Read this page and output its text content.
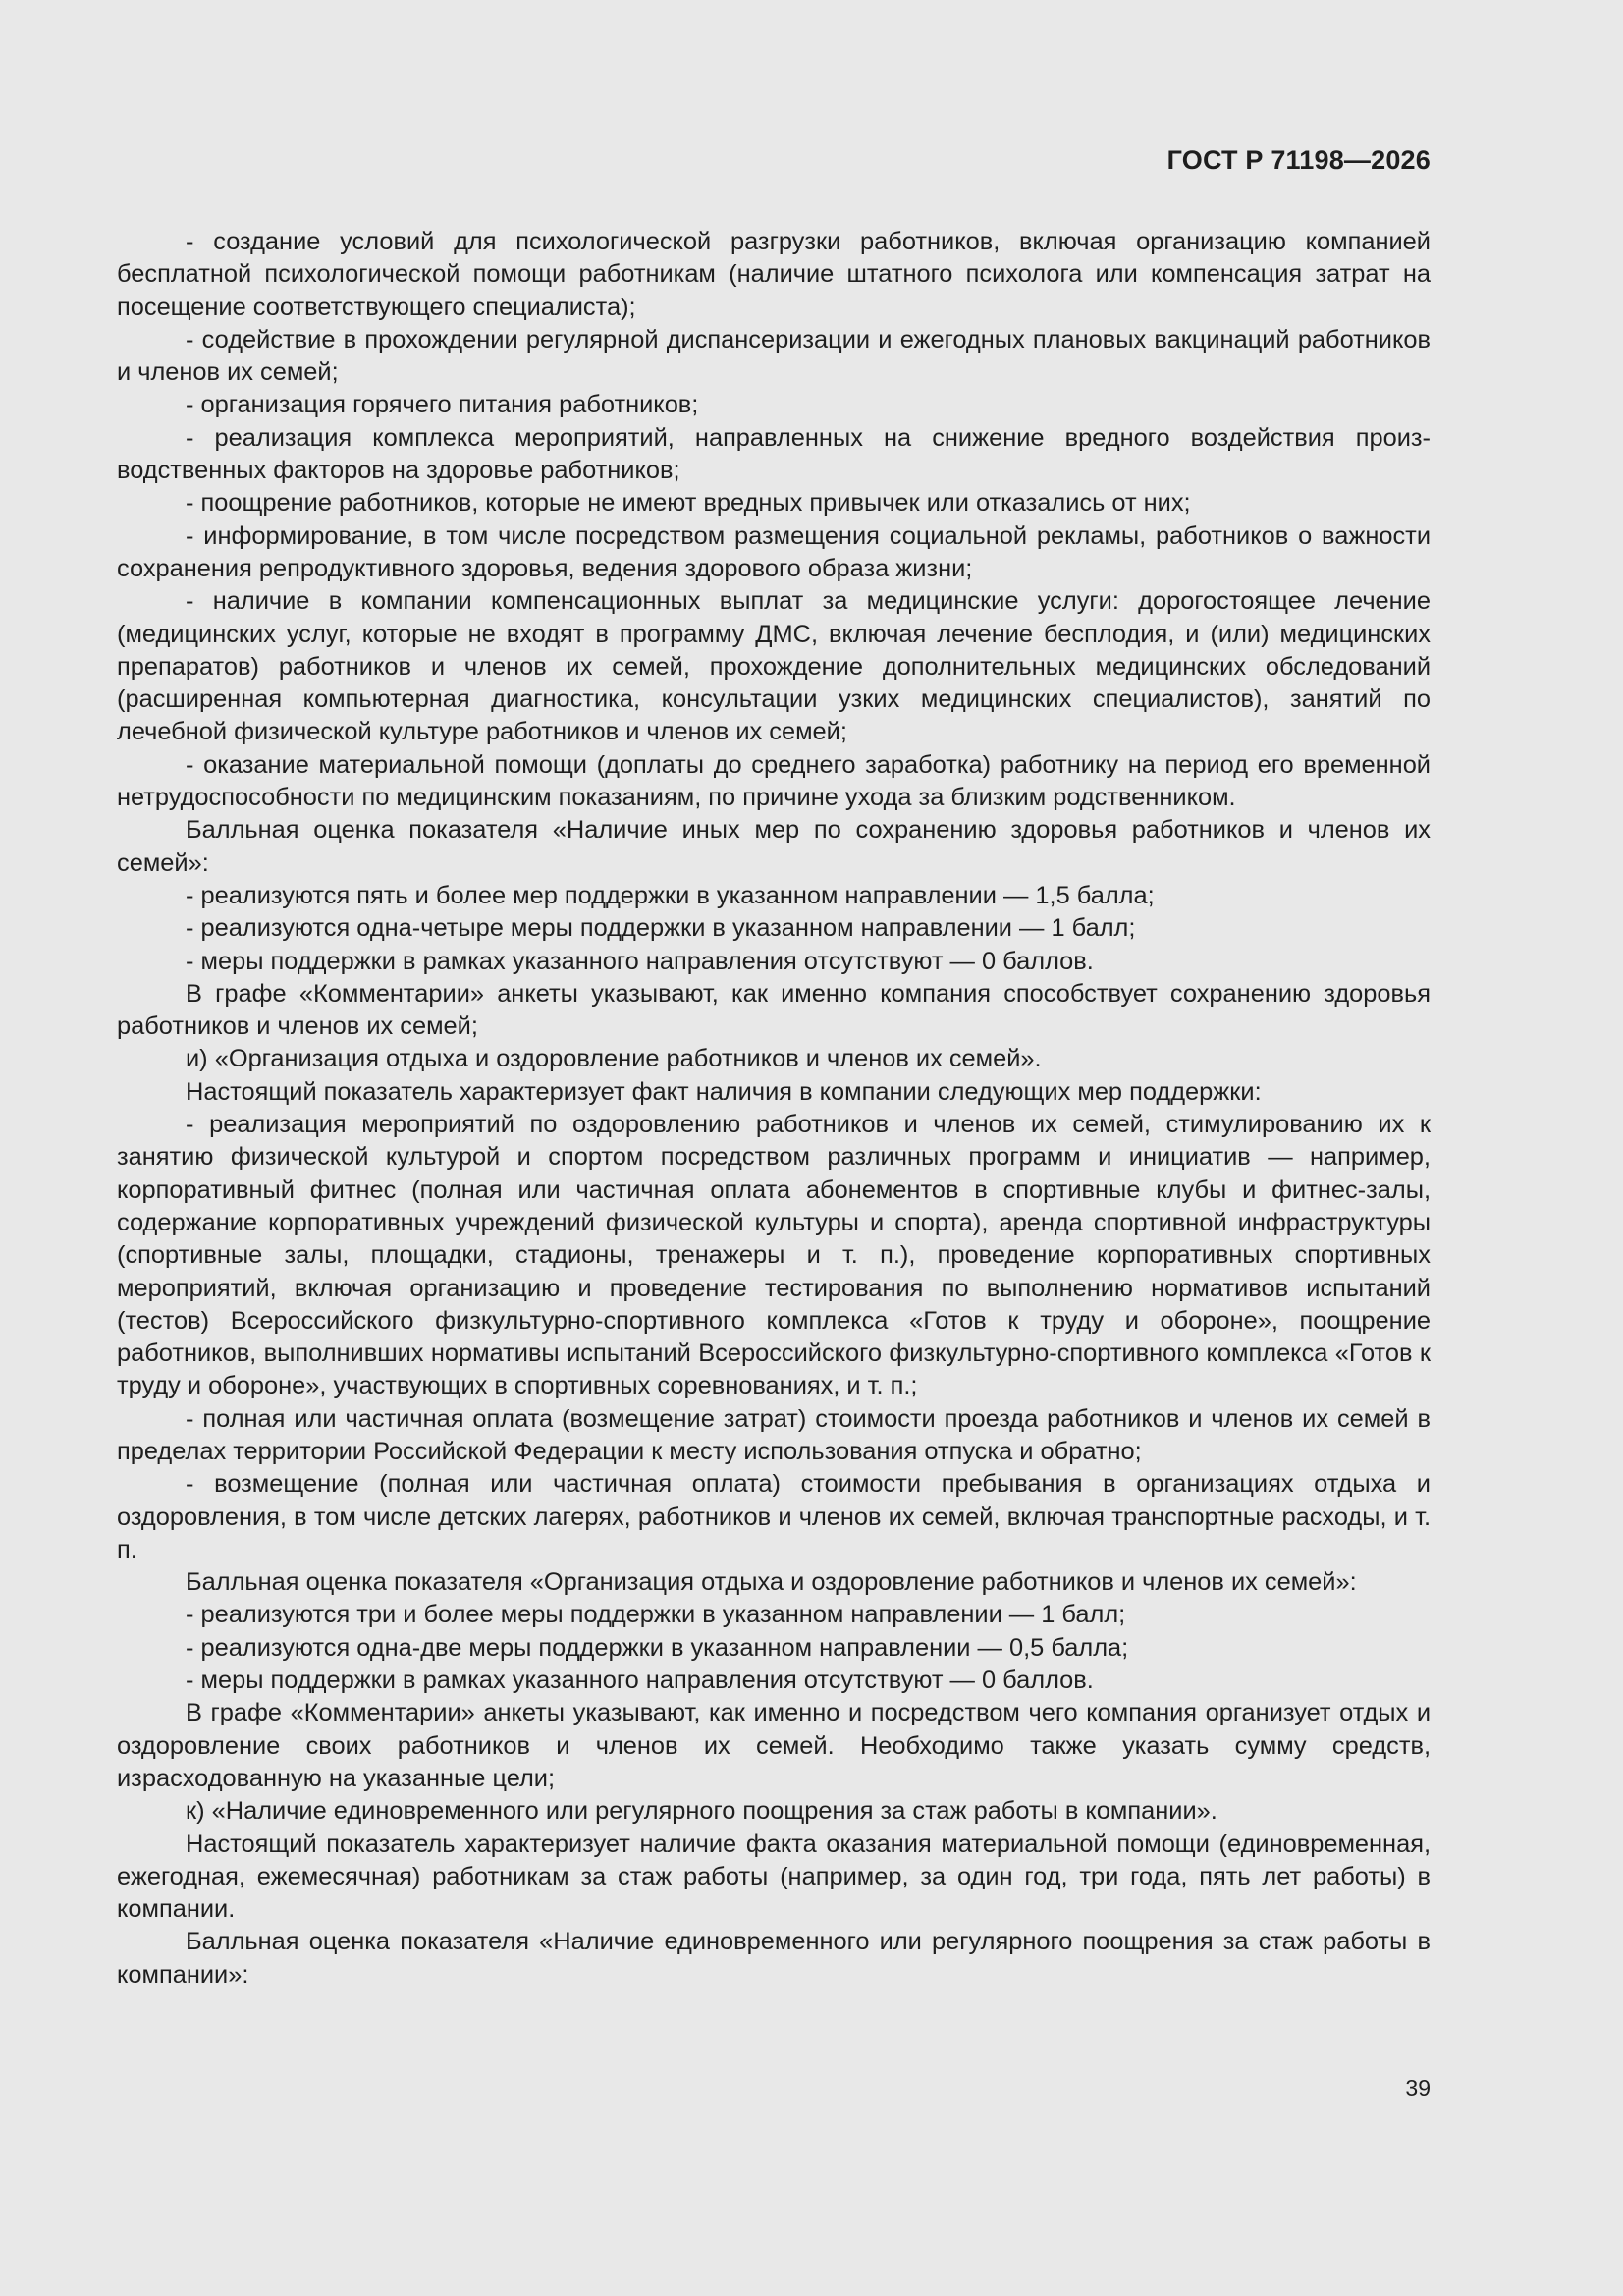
ГОСТ Р 71198—2026

- создание условий для психологической разгрузки работников, включая организацию компанией бесплатной психологической помощи работникам (наличие штатного психолога или компенсация затрат на посещение соответствующего специалиста);

- содействие в прохождении регулярной диспансеризации и ежегодных плановых вакцинаций работников и членов их семей;

- организация горячего питания работников;

- реализация комплекса мероприятий, направленных на снижение вредного воздействия производственных факторов на здоровье работников;

- поощрение работников, которые не имеют вредных привычек или отказались от них;

- информирование, в том числе посредством размещения социальной рекламы, работников о важности сохранения репродуктивного здоровья, ведения здорового образа жизни;

- наличие в компании компенсационных выплат за медицинские услуги: дорогостоящее лечение (медицинских услуг, которые не входят в программу ДМС, включая лечение бесплодия, и (или) медицинских препаратов) работников и членов их семей, прохождение дополнительных медицинских обследований (расширенная компьютерная диагностика, консультации узких медицинских специалистов), занятий по лечебной физической культуре работников и членов их семей;

- оказание материальной помощи (доплаты до среднего заработка) работнику на период его временной нетрудоспособности по медицинским показаниям, по причине ухода за близким родственником.

Балльная оценка показателя «Наличие иных мер по сохранению здоровья работников и членов их семей»:

- реализуются пять и более мер поддержки в указанном направлении — 1,5 балла;

- реализуются одна-четыре меры поддержки в указанном направлении — 1 балл;

- меры поддержки в рамках указанного направления отсутствуют — 0 баллов.

В графе «Комментарии» анкеты указывают, как именно компания способствует сохранению здоровья работников и членов их семей;

и) «Организация отдыха и оздоровление работников и членов их семей».

Настоящий показатель характеризует факт наличия в компании следующих мер поддержки:

- реализация мероприятий по оздоровлению работников и членов их семей, стимулированию их к занятию физической культурой и спортом посредством различных программ и инициатив — например, корпоративный фитнес (полная или частичная оплата абонементов в спортивные клубы и фитнес-залы, содержание корпоративных учреждений физической культуры и спорта), аренда спортивной инфраструктуры (спортивные залы, площадки, стадионы, тренажеры и т. п.), проведение корпоративных спортивных мероприятий, включая организацию и проведение тестирования по выполнению нормативов испытаний (тестов) Всероссийского физкультурно-спортивного комплекса «Готов к труду и обороне», поощрение работников, выполнивших нормативы испытаний Всероссийского физкультурно-спортивного комплекса «Готов к труду и обороне», участвующих в спортивных соревнованиях, и т. п.;

- полная или частичная оплата (возмещение затрат) стоимости проезда работников и членов их семей в пределах территории Российской Федерации к месту использования отпуска и обратно;

- возмещение (полная или частичная оплата) стоимости пребывания в организациях отдыха и оздоровления, в том числе детских лагерях, работников и членов их семей, включая транспортные расходы, и т. п.

Балльная оценка показателя «Организация отдыха и оздоровление работников и членов их семей»:

- реализуются три и более меры поддержки в указанном направлении — 1 балл;

- реализуются одна-две меры поддержки в указанном направлении — 0,5 балла;

- меры поддержки в рамках указанного направления отсутствуют — 0 баллов.

В графе «Комментарии» анкеты указывают, как именно и посредством чего компания организует отдых и оздоровление своих работников и членов их семей. Необходимо также указать сумму средств, израсходованную на указанные цели;

к) «Наличие единовременного или регулярного поощрения за стаж работы в компании».

Настоящий показатель характеризует наличие факта оказания материальной помощи (единовременная, ежегодная, ежемесячная) работникам за стаж работы (например, за один год, три года, пять лет работы) в компании.

Балльная оценка показателя «Наличие единовременного или регулярного поощрения за стаж работы в компании»:

39
